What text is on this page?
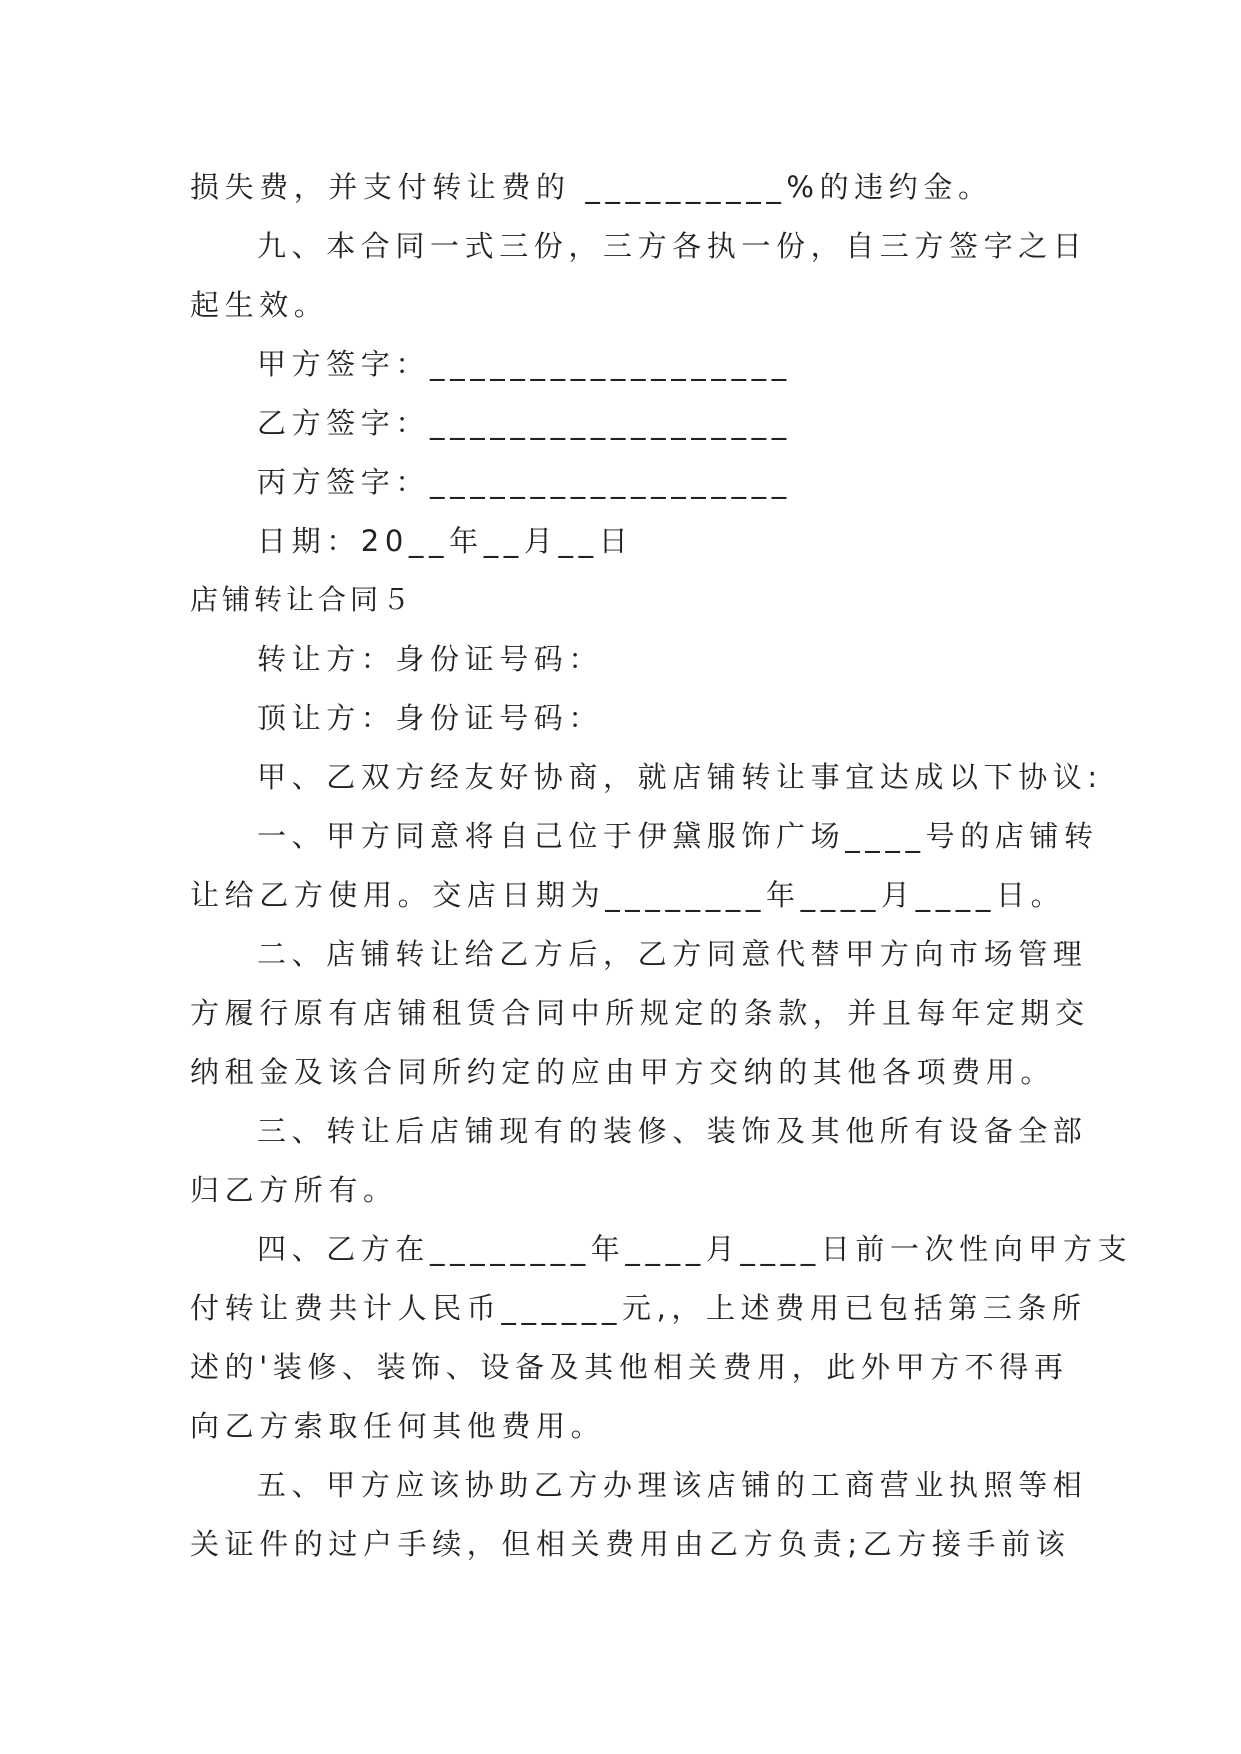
损失费，并支付转让费的 __________%的违约金。

九、本合同一式三份，三方各执一份，自三方签字之日

起生效。

甲方签字：__________________

乙方签字：__________________

丙方签字：__________________

日期：20__年__月__日

店铺转让合同５

转让方：身份证号码：

顶让方：身份证号码：

甲、乙双方经友好协商，就店铺转让事宜达成以下协议:

一、甲方同意将自己位于伊黛服饰广场____号的店铺转

让给乙方使用。交店日期为________年____月____日。

二、店铺转让给乙方后，乙方同意代替甲方向市场管理

方履行原有店铺租赁合同中所规定的条款，并且每年定期交

纳租金及该合同所约定的应由甲方交纳的其他各项费用。

三、转让后店铺现有的装修、装饰及其他所有设备全部

归乙方所有。

四、乙方在________年____月____日前一次性向甲方支

付转让费共计人民币______元,，上述费用已包括第三条所

述的'装修、装饰、设备及其他相关费用，此外甲方不得再

向乙方索取任何其他费用。

五、甲方应该协助乙方办理该店铺的工商营业执照等相

关证件的过户手续，但相关费用由乙方负责;乙方接手前该
